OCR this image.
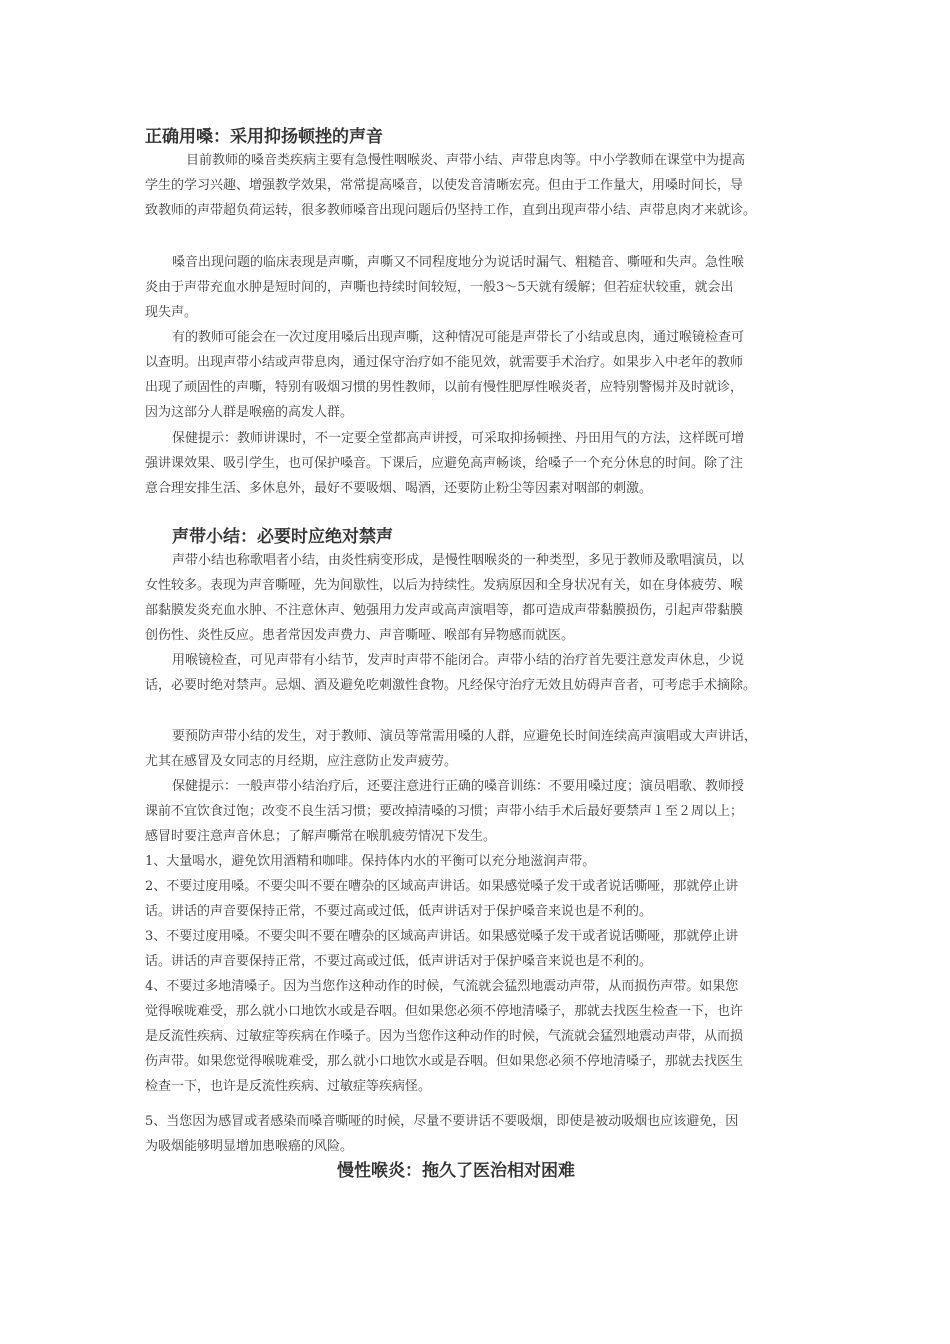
正确用嗓：采用抑扬顿挫的声音
目前教师的嗓音类疾病主要有急慢性咽喉炎、声带小结、声带息肉等。中小学教师在课堂中为提高
学生的学习兴趣、增强教学效果，常常提高嗓音，以使发音清晰宏亮。但由于工作量大，用嗓时间长，导
致教师的声带超负荷运转，很多教师嗓音出现问题后仍坚持工作，直到出现声带小结、声带息肉才来就诊。
嗓音出现问题的临床表现是声嘶，声嘶又不同程度地分为说话时漏气、粗糙音、嘶哑和失声。急性喉
炎由于声带充血水肿是短时间的，声嘶也持续时间较短，一般3～5天就有缓解；但若症状较重，就会出
现失声。
有的教师可能会在一次过度用嗓后出现声嘶，这种情况可能是声带长了小结或息肉，通过喉镜检查可
以查明。出现声带小结或声带息肉，通过保守治疗如不能见效，就需要手术治疗。如果步入中老年的教师
出现了顽固性的声嘶，特别有吸烟习惯的男性教师，以前有慢性肥厚性喉炎者，应特别警惕并及时就诊，
因为这部分人群是喉癌的高发人群。
保健提示：教师讲课时，不一定要全堂都高声讲授，可采取抑扬顿挫、丹田用气的方法，这样既可增
强讲课效果、吸引学生，也可保护嗓音。下课后，应避免高声畅谈，给嗓子一个充分休息的时间。除了注
意合理安排生活、多休息外，最好不要吸烟、喝酒，还要防止粉尘等因素对咽部的刺激。
声带小结：必要时应绝对禁声
声带小结也称歌唱者小结，由炎性病变形成，是慢性咽喉炎的一种类型，多见于教师及歌唱演员，以
女性较多。表现为声音嘶哑，先为间歇性，以后为持续性。发病原因和全身状况有关，如在身体疲劳、喉
部黏膜发炎充血水肿、不注意休声、勉强用力发声或高声演唱等，都可造成声带黏膜损伤，引起声带黏膜
创伤性、炎性反应。患者常因发声费力、声音嘶哑、喉部有异物感而就医。
用喉镜检查，可见声带有小结节，发声时声带不能闭合。声带小结的治疗首先要注意发声休息，少说
话，必要时绝对禁声。忌烟、酒及避免吃刺激性食物。凡经保守治疗无效且妨碍声音者，可考虑手术摘除。
要预防声带小结的发生，对于教师、演员等常需用嗓的人群，应避免长时间连续高声演唱或大声讲话，
尤其在感冒及女同志的月经期，应注意防止发声疲劳。
保健提示：一般声带小结治疗后，还要注意进行正确的嗓音训练：不要用嗓过度；演员唱歌、教师授
课前不宜饮食过饱；改变不良生活习惯；要改掉清嗓的习惯；声带小结手术后最好要禁声１至２周以上；
感冒时要注意声音休息；了解声嘶常在喉肌疲劳情况下发生。
1、大量喝水，避免饮用酒精和咖啡。保持体内水的平衡可以充分地滋润声带。
2、不要过度用嗓。不要尖叫不要在嘈杂的区域高声讲话。如果感觉嗓子发干或者说话嘶哑，那就停止讲
话。讲话的声音要保持正常，不要过高或过低，低声讲话对于保护嗓音来说也是不利的。
3、不要过度用嗓。不要尖叫不要在嘈杂的区域高声讲话。如果感觉嗓子发干或者说话嘶哑，那就停止讲
话。讲话的声音要保持正常，不要过高或过低，低声讲话对于保护嗓音来说也是不利的。
4、不要过多地清嗓子。因为当您作这种动作的时候，气流就会猛烈地震动声带，从而损伤声带。如果您
觉得喉咙难受，那么就小口地饮水或是吞咽。但如果您必须不停地清嗓子，那就去找医生检查一下，也许
是反流性疾病、过敏症等疾病在作嗓子。因为当您作这种动作的时候，气流就会猛烈地震动声带，从而损
伤声带。如果您觉得喉咙难受，那么就小口地饮水或是吞咽。但如果您必须不停地清嗓子，那就去找医生
检查一下，也许是反流性疾病、过敏症等疾病怪。
5、当您因为感冒或者感染而嗓音嘶哑的时候，尽量不要讲话不要吸烟，即使是被动吸烟也应该避免，因
为吸烟能够明显增加患喉癌的风险。
慢性喉炎：拖久了医治相对困难
